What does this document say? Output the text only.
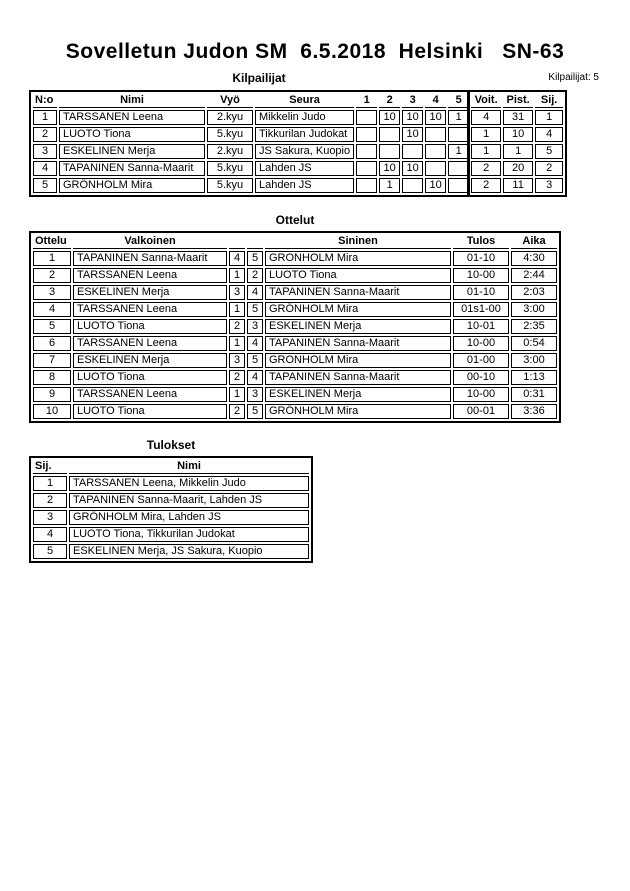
Sovelletun Judon SM  6.5.2018  Helsinki   SN-63
Kilpailijat	Kilpailijat: 5
N:o	Nimi	Vyö	Seura	1	2	3	4	5	Voit.	Pist.	Sij.
1	TARSSANEN Leena	2.kyu	Mikkelin Judo		10	10	10	1	4	31	1
2	LUOTO Tiona	5.kyu	Tikkurilan Judokat			10			1	10	4
3	ESKELINEN Merja	2.kyu	JS Sakura, Kuopio					1	1	1	5
4	TAPANINEN Sanna-Maarit	5.kyu	Lahden JS		10	10			2	20	2
5	GRÖNHOLM Mira	5.kyu	Lahden JS		1		10		2	11	3
Ottelut
Ottelu	Valkoinen			Sininen	Tulos	Aika
1	TAPANINEN Sanna-Maarit	4	5	GRONHOLM Mira	01-10	4:30
2	TARSSANEN Leena	1	2	LUOTO Tiona	10-00	2:44
3	ESKELINEN Merja	3	4	TAPANINEN Sanna-Maarit	01-10	2:03
4	TARSSANEN Leena	1	5	GRÖNHOLM Mira	01s1-00	3:00
5	LUOTO Tiona	2	3	ESKELINEN Merja	10-01	2:35
6	TARSSANEN Leena	1	4	TAPANINEN Sanna-Maarit	10-00	0:54
7	ESKELINEN Merja	3	5	GRONHOLM Mira	01-00	3:00
8	LUOTO Tiona	2	4	TAPANINEN Sanna-Maarit	00-10	1:13
9	TARSSANEN Leena	1	3	ESKELINEN Merja	10-00	0:31
10	LUOTO Tiona	2	5	GRÖNHOLM Mira	00-01	3:36
Tulokset
Sij.	Nimi
1	TARSSANEN Leena, Mikkelin Judo
2	TAPANINEN Sanna-Maarit, Lahden JS
3	GRÖNHOLM Mira, Lahden JS
4	LUOTO Tiona, Tikkurilan Judokat
5	ESKELINEN Merja, JS Sakura, Kuopio
